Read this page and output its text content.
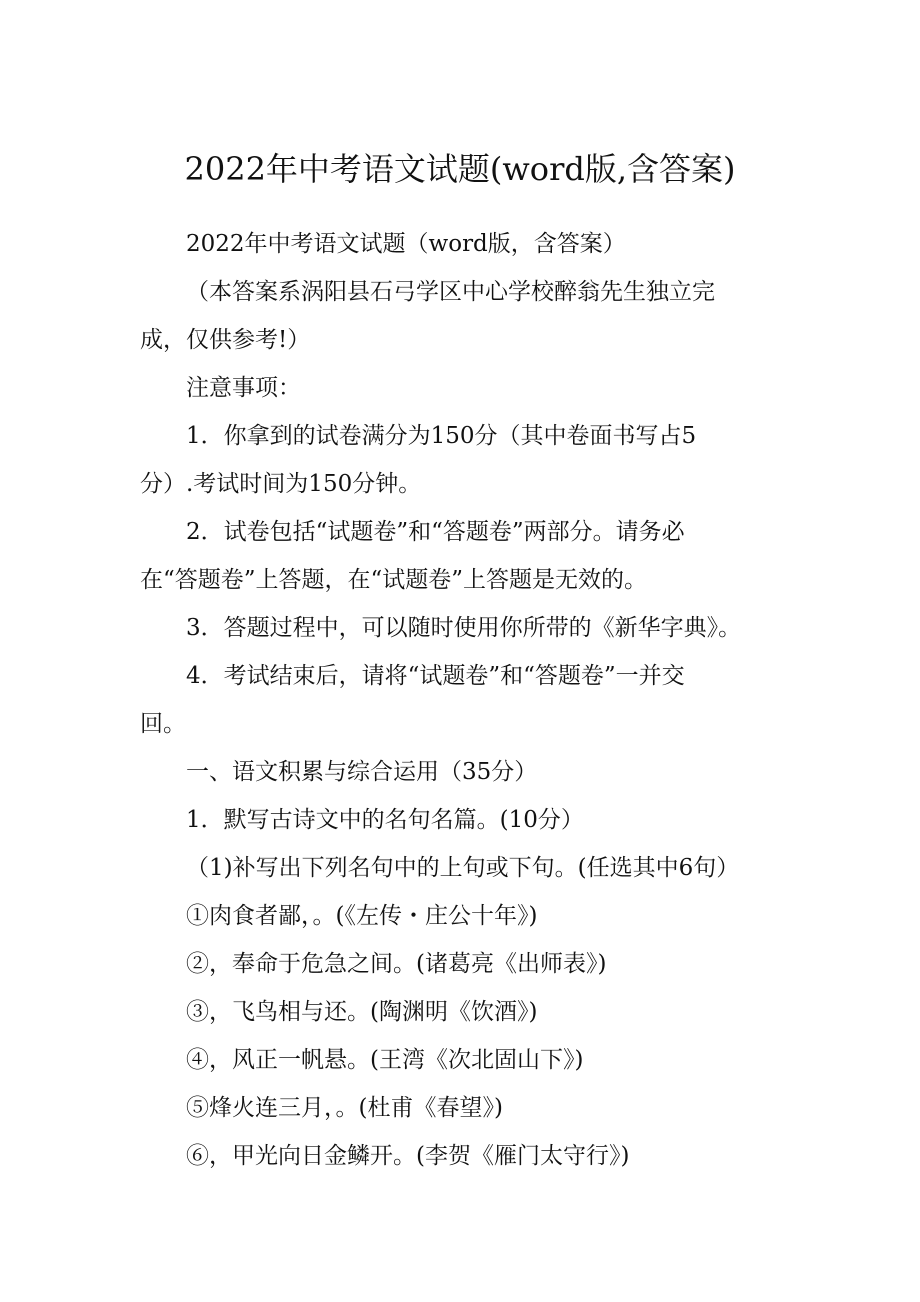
2022年中考语文试题(word版,含答案)

2022年中考语文试题（word版，含答案）

（本答案系涡阳县石弓学区中心学校醉翁先生独立完

成，仅供参考!）

注意事项：

1．你拿到的试卷满分为150分（其中卷面书写占5

分）.考试时间为150分钟。

2．试卷包括“试题卷”和“答题卷”两部分。请务必

在“答题卷”上答题，在“试题卷”上答题是无效的。

3．答题过程中，可以随时使用你所带的《新华字典》。

4．考试结束后，请将“试题卷”和“答题卷”一并交

回。

一、语文积累与综合运用（35分）

1．默写古诗文中的名句名篇。(10分）

（1)补写出下列名句中的上句或下句。(任选其中6句）

①肉食者鄙，。(《左传・庄公十年》)

②，奉命于危急之间。(诸葛亮《出师表》)

③，飞鸟相与还。(陶渊明《饮酒》)

④，风正一帆悬。(王湾《次北固山下》)

⑤烽火连三月，。(杜甫《春望》)

⑥，甲光向日金鳞开。(李贺《雁门太守行》)
